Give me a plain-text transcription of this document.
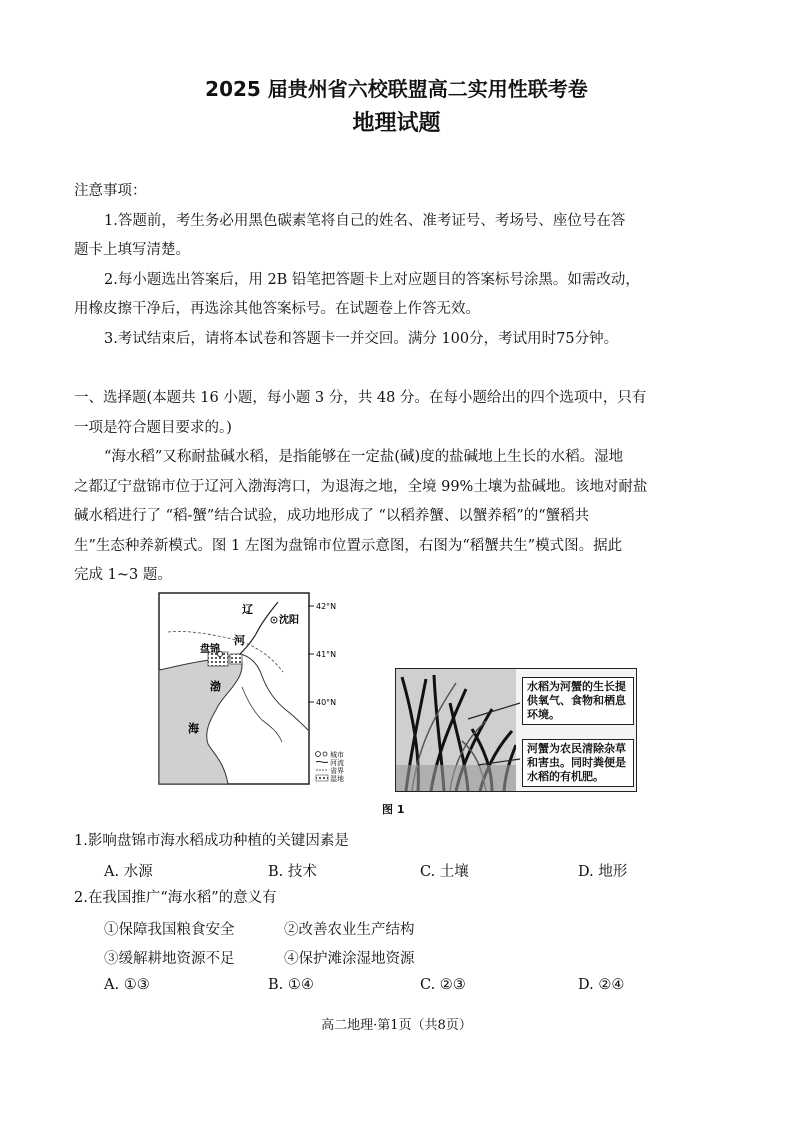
2025 届贵州省六校联盟高二实用性联考卷
地理试题
注意事项：
1.答题前，考生务必用黑色碳素笔将自己的姓名、准考证号、考场号、座位号在答
题卡上填写清楚。
2.每小题选出答案后，用 2B 铅笔把答题卡上对应题目的答案标号涂黑。如需改动，
用橡皮擦干净后，再选涂其他答案标号。在试题卷上作答无效。
3.考试结束后，请将本试卷和答题卡一并交回。满分 100分，考试用时75分钟。
一、选择题(本题共 16 小题，每小题 3 分，共 48 分。在每小题给出的四个选项中，只有
一项是符合题目要求的。)
“海水稻”又称耐盐碱水稻，是指能够在一定盐(碱)度的盐碱地上生长的水稻。湿地
之都辽宁盘锦市位于辽河入渤海湾口，为退海之地，全境 99%土壤为盐碱地。该地对耐盐
碱水稻进行了 “稻-蟹”结合试验，成功地形成了 “以稻养蟹、以蟹养稻”的“蟹稻共
生”生态种养新模式。图 1 左图为盘锦市位置示意图，右图为“稻蟹共生”模式图。据此
完成 1~3 题。
42°N
41°N
40°N
沈阳
盘锦
辽
河
渤
海
城市
河流
省界
湿地
水稻为河蟹的生长提供氧气、食物和栖息环境。
河蟹为农民清除杂草和害虫。同时粪便是水稻的有机肥。
图 1
1.影响盘锦市海水稻成功种植的关键因素是
A. 水源	B. 技术	C. 土壤	D. 地形
2.在我国推广“海水稻”的意义有
①保障我国粮食安全	②改善农业生产结构
③缓解耕地资源不足	④保护滩涂湿地资源
A. ①③	B. ①④	C. ②③	D. ②④
高二地理·第1页（共8页）
